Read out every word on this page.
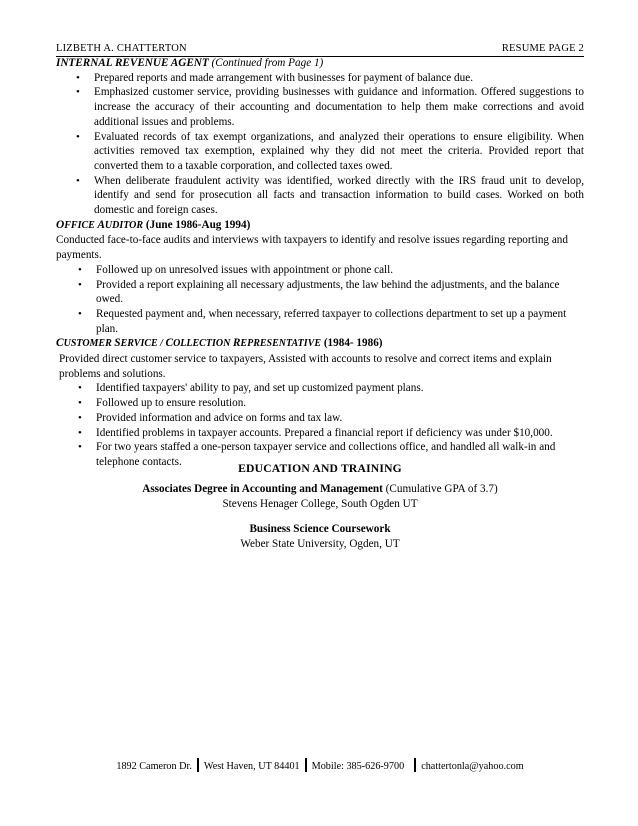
LIZBETH A. CHATTERTON	RESUME PAGE 2
INTERNAL REVENUE AGENT (Continued from Page 1)
• Prepared reports and made arrangement with businesses for payment of balance due.
• Emphasized customer service, providing businesses with guidance and information. Offered suggestions to increase the accuracy of their accounting and documentation to help them make corrections and avoid additional issues and problems.
• Evaluated records of tax exempt organizations, and analyzed their operations to ensure eligibility. When activities removed tax exemption, explained why they did not meet the criteria. Provided report that converted them to a taxable corporation, and collected taxes owed.
• When deliberate fraudulent activity was identified, worked directly with the IRS fraud unit to develop, identify and send for prosecution all facts and transaction information to build cases. Worked on both domestic and foreign cases.
OFFICE AUDITOR (June 1986-Aug 1994)
Conducted face-to-face audits and interviews with taxpayers to identify and resolve issues regarding reporting and payments.
• Followed up on unresolved issues with appointment or phone call.
• Provided a report explaining all necessary adjustments, the law behind the adjustments, and the balance owed.
• Requested payment and, when necessary, referred taxpayer to collections department to set up a payment plan.
CUSTOMER SERVICE / COLLECTION REPRESENTATIVE (1984- 1986)
Provided direct customer service to taxpayers, Assisted with accounts to resolve and correct items and explain problems and solutions.
• Identified taxpayers' ability to pay, and set up customized payment plans.
• Followed up to ensure resolution.
• Provided information and advice on forms and tax law.
• Identified problems in taxpayer accounts. Prepared a financial report if deficiency was under $10,000.
• For two years staffed a one-person taxpayer service and collections office, and handled all walk-in and telephone contacts.
EDUCATION AND TRAINING
Associates Degree in Accounting and Management (Cumulative GPA of 3.7)
Stevens Henager College, South Ogden UT
Business Science Coursework
Weber State University, Ogden, UT
1892 Cameron Dr. West Haven, UT 84401 Mobile: 385-626-9700 chattertonla@yahoo.com
